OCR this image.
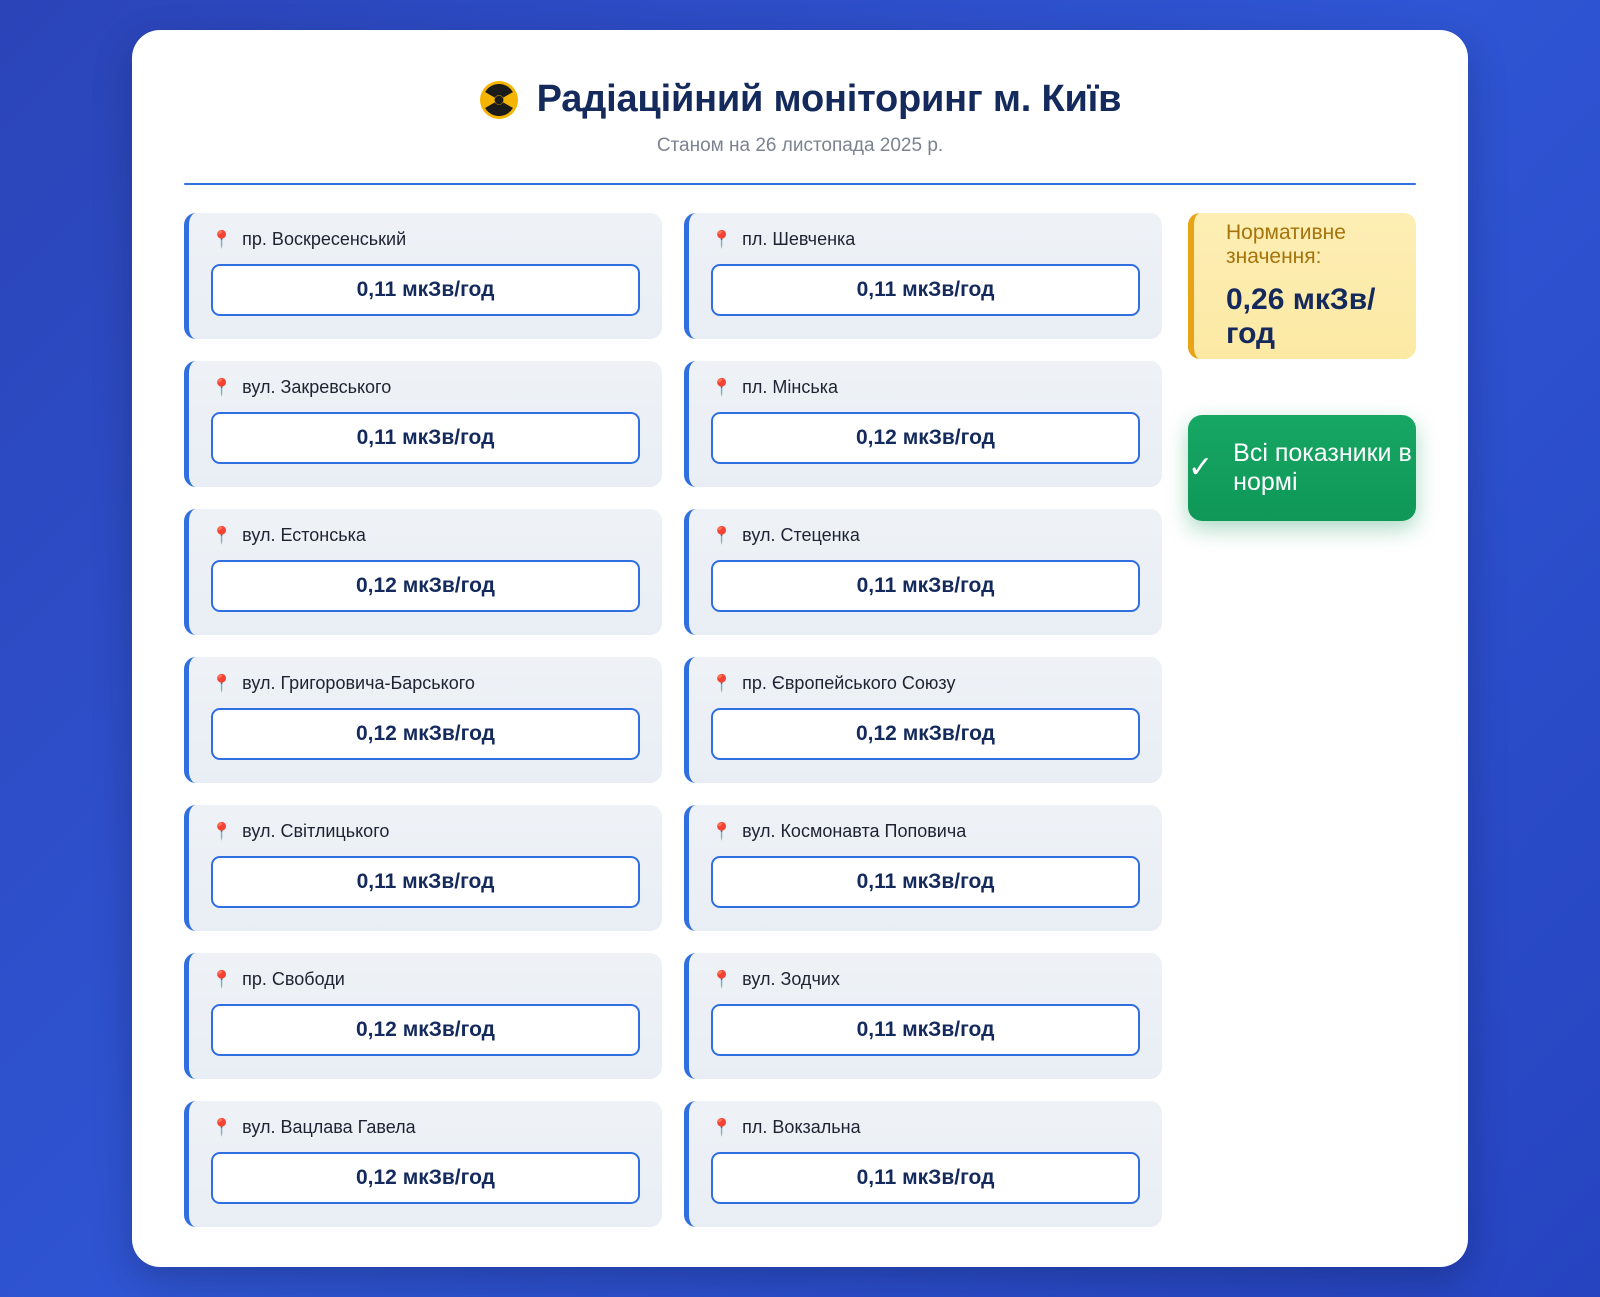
Радіаційний моніторинг м. Київ
Станом на 26 листопада 2025 р.
📍 пр. Воскресенський
0,11 мкЗв/год
📍 пл. Шевченка
0,11 мкЗв/год
📍 вул. Закревського
0,11 мкЗв/год
📍 пл. Мінська
0,12 мкЗв/год
📍 вул. Естонська
0,12 мкЗв/год
📍 вул. Стеценка
0,11 мкЗв/год
📍 вул. Григоровича-Барського
0,12 мкЗв/год
📍 пр. Європейського Союзу
0,12 мкЗв/год
📍 вул. Світлицького
0,11 мкЗв/год
📍 вул. Космонавта Поповича
0,11 мкЗв/год
📍 пр. Свободи
0,12 мкЗв/год
📍 вул. Зодчих
0,11 мкЗв/год
📍 вул. Вацлава Гавела
0,12 мкЗв/год
📍 пл. Вокзальна
0,11 мкЗв/год
Нормативне значення:
0,26 мкЗв/год
✓ Всі показники в нормі
